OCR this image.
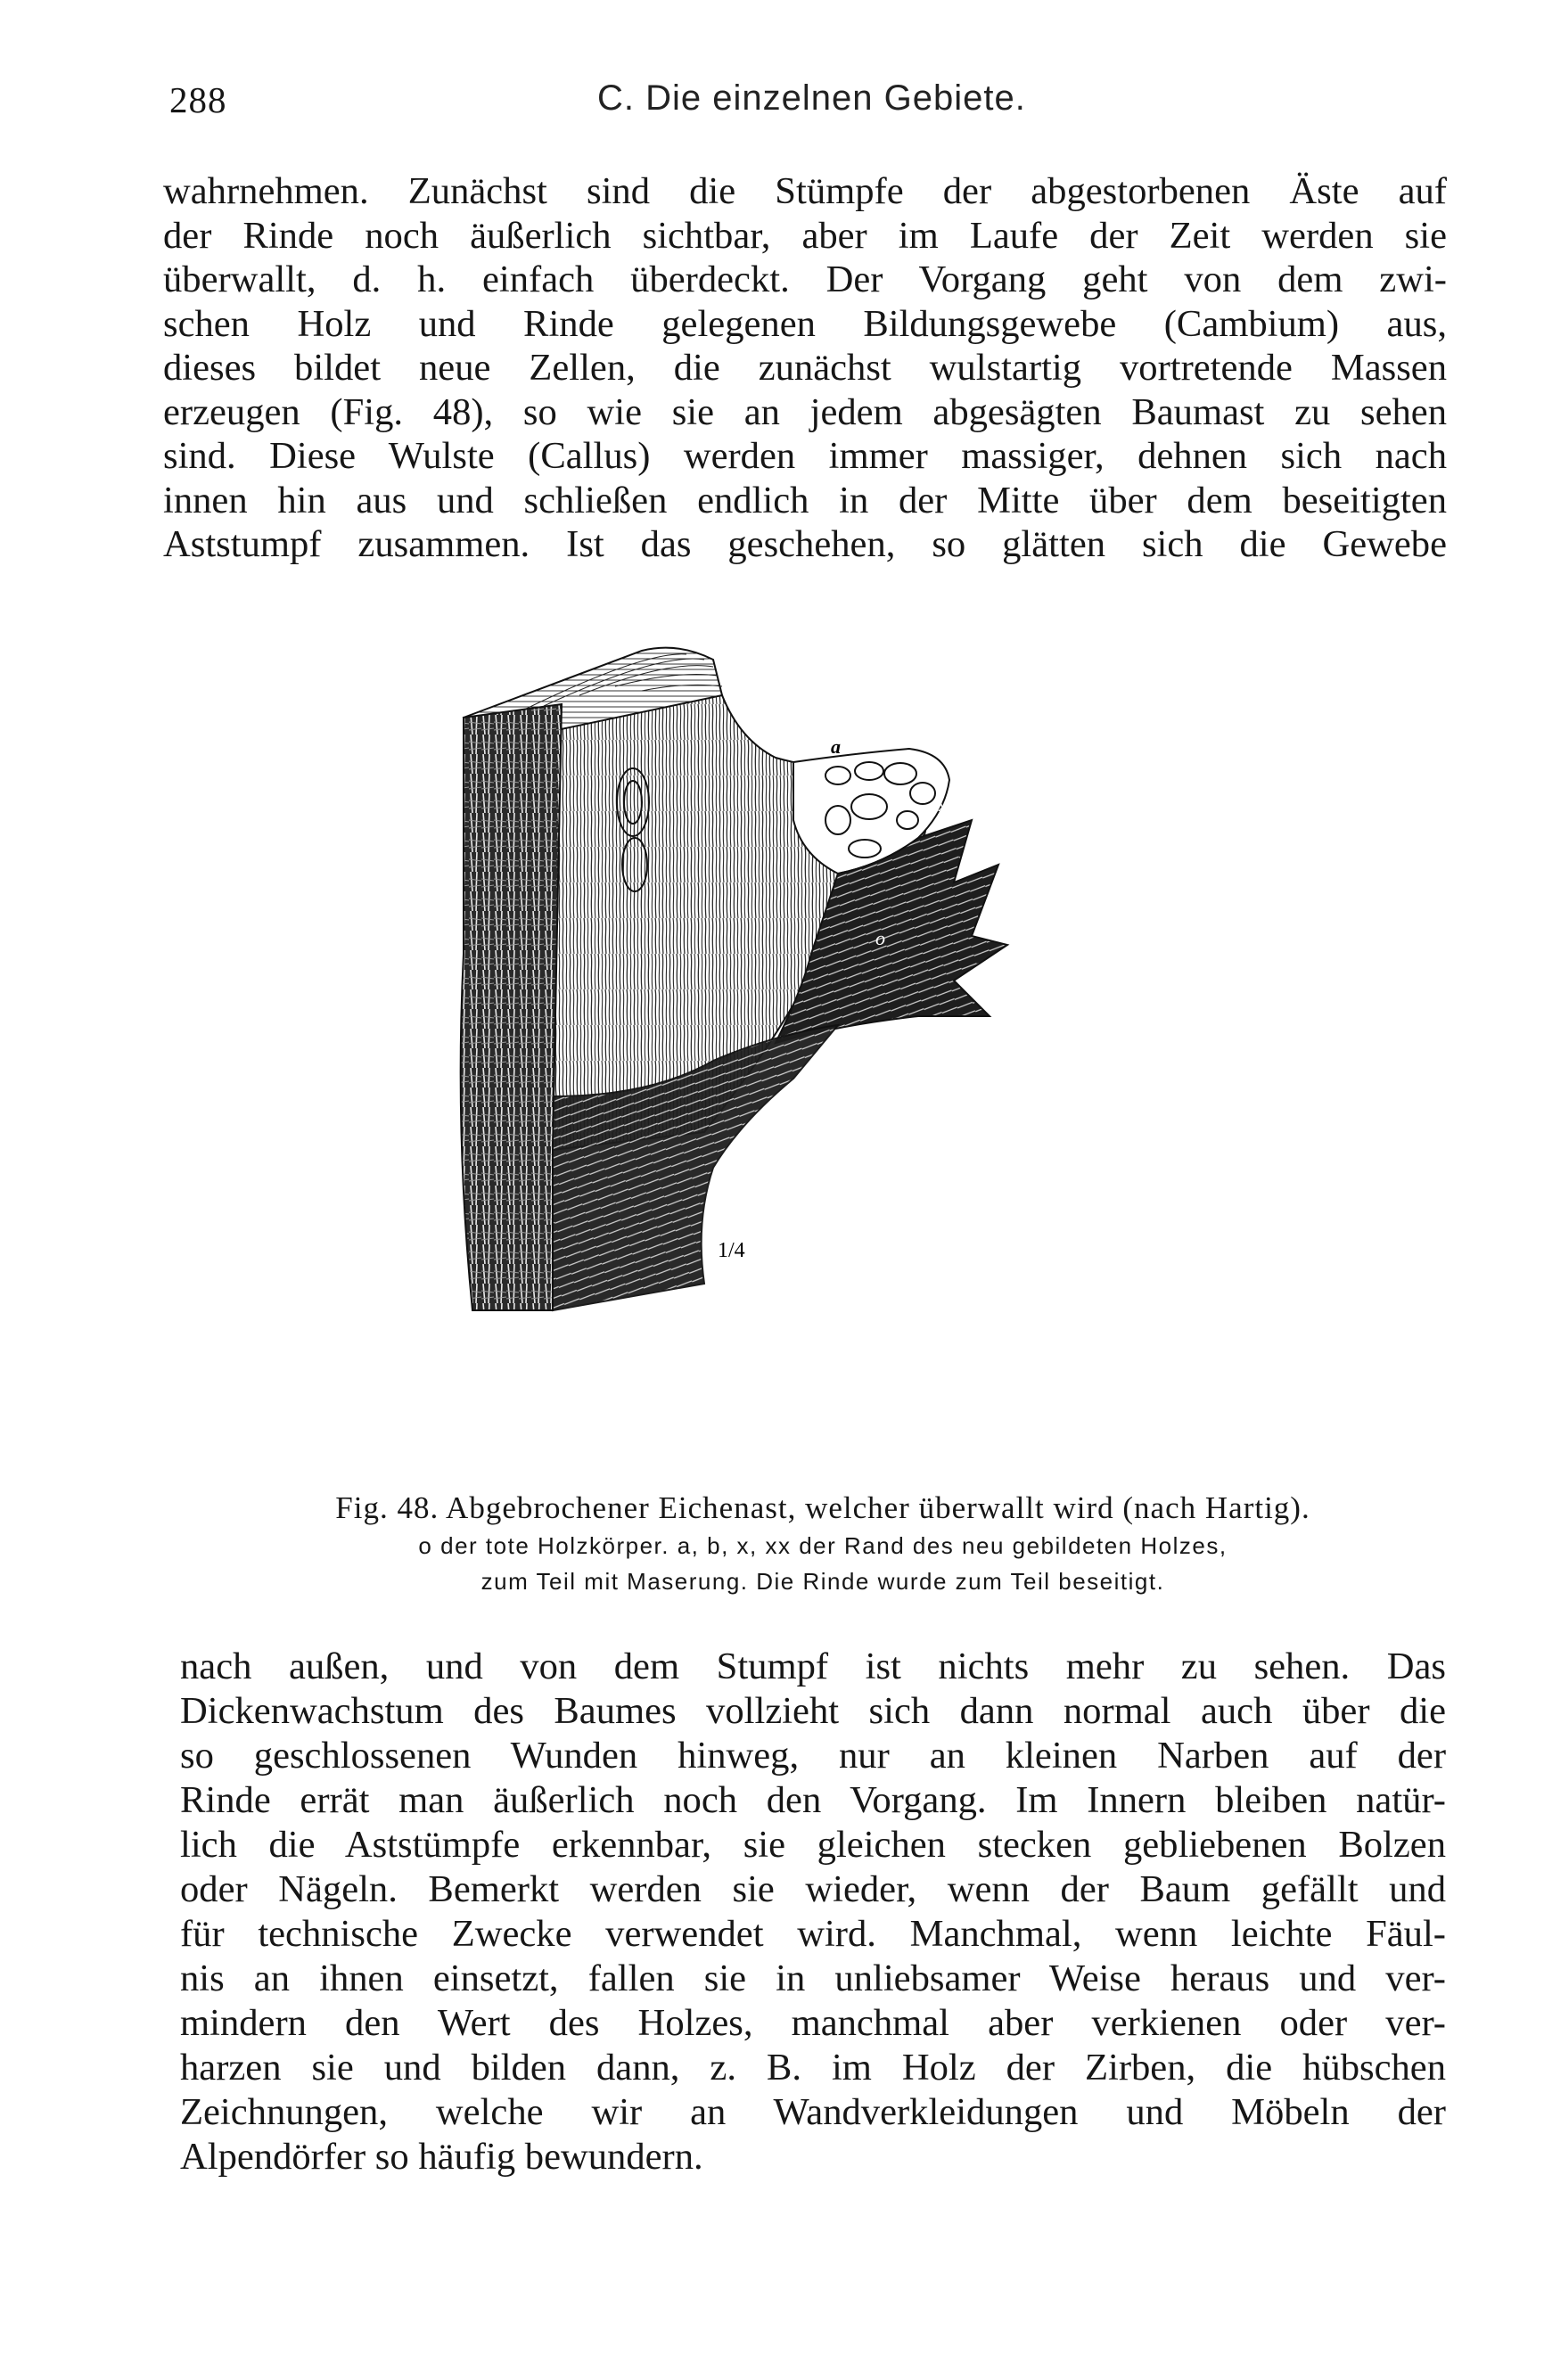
288	C. Die einzelnen Gebiete.
wahrnehmen. Zunächst sind die Stümpfe der abgestorbenen Äste auf
der Rinde noch äußerlich sichtbar, aber im Laufe der Zeit werden sie
überwallt, d. h. einfach überdeckt. Der Vorgang geht von dem zwi-
schen Holz und Rinde gelegenen Bildungsgewebe (Cambium) aus,
dieses bildet neue Zellen, die zunächst wulstartig vortretende Massen
erzeugen (Fig. 48), so wie sie an jedem abgesägten Baumast zu sehen
sind. Diese Wulste (Callus) werden immer massiger, dehnen sich nach
innen hin aus und schließen endlich in der Mitte über dem beseitigten
Aststumpf zusammen. Ist das geschehen, so glätten sich die Gewebe
a
xx
o
1/4
Fig. 48. Abgebrochener Eichenast, welcher überwallt wird (nach Hartig).
o der tote Holzkörper. a, b, x, xx der Rand des neu gebildeten Holzes,
zum Teil mit Maserung. Die Rinde wurde zum Teil beseitigt.
nach außen, und von dem Stumpf ist nichts mehr zu sehen. Das
Dickenwachstum des Baumes vollzieht sich dann normal auch über die
so geschlossenen Wunden hinweg, nur an kleinen Narben auf der
Rinde errät man äußerlich noch den Vorgang. Im Innern bleiben natür-
lich die Aststümpfe erkennbar, sie gleichen stecken gebliebenen Bolzen
oder Nägeln. Bemerkt werden sie wieder, wenn der Baum gefällt und
für technische Zwecke verwendet wird. Manchmal, wenn leichte Fäul-
nis an ihnen einsetzt, fallen sie in unliebsamer Weise heraus und ver-
mindern den Wert des Holzes, manchmal aber verkienen oder ver-
harzen sie und bilden dann, z. B. im Holz der Zirben, die hübschen
Zeichnungen, welche wir an Wandverkleidungen und Möbeln der
Alpendörfer so häufig bewundern.
